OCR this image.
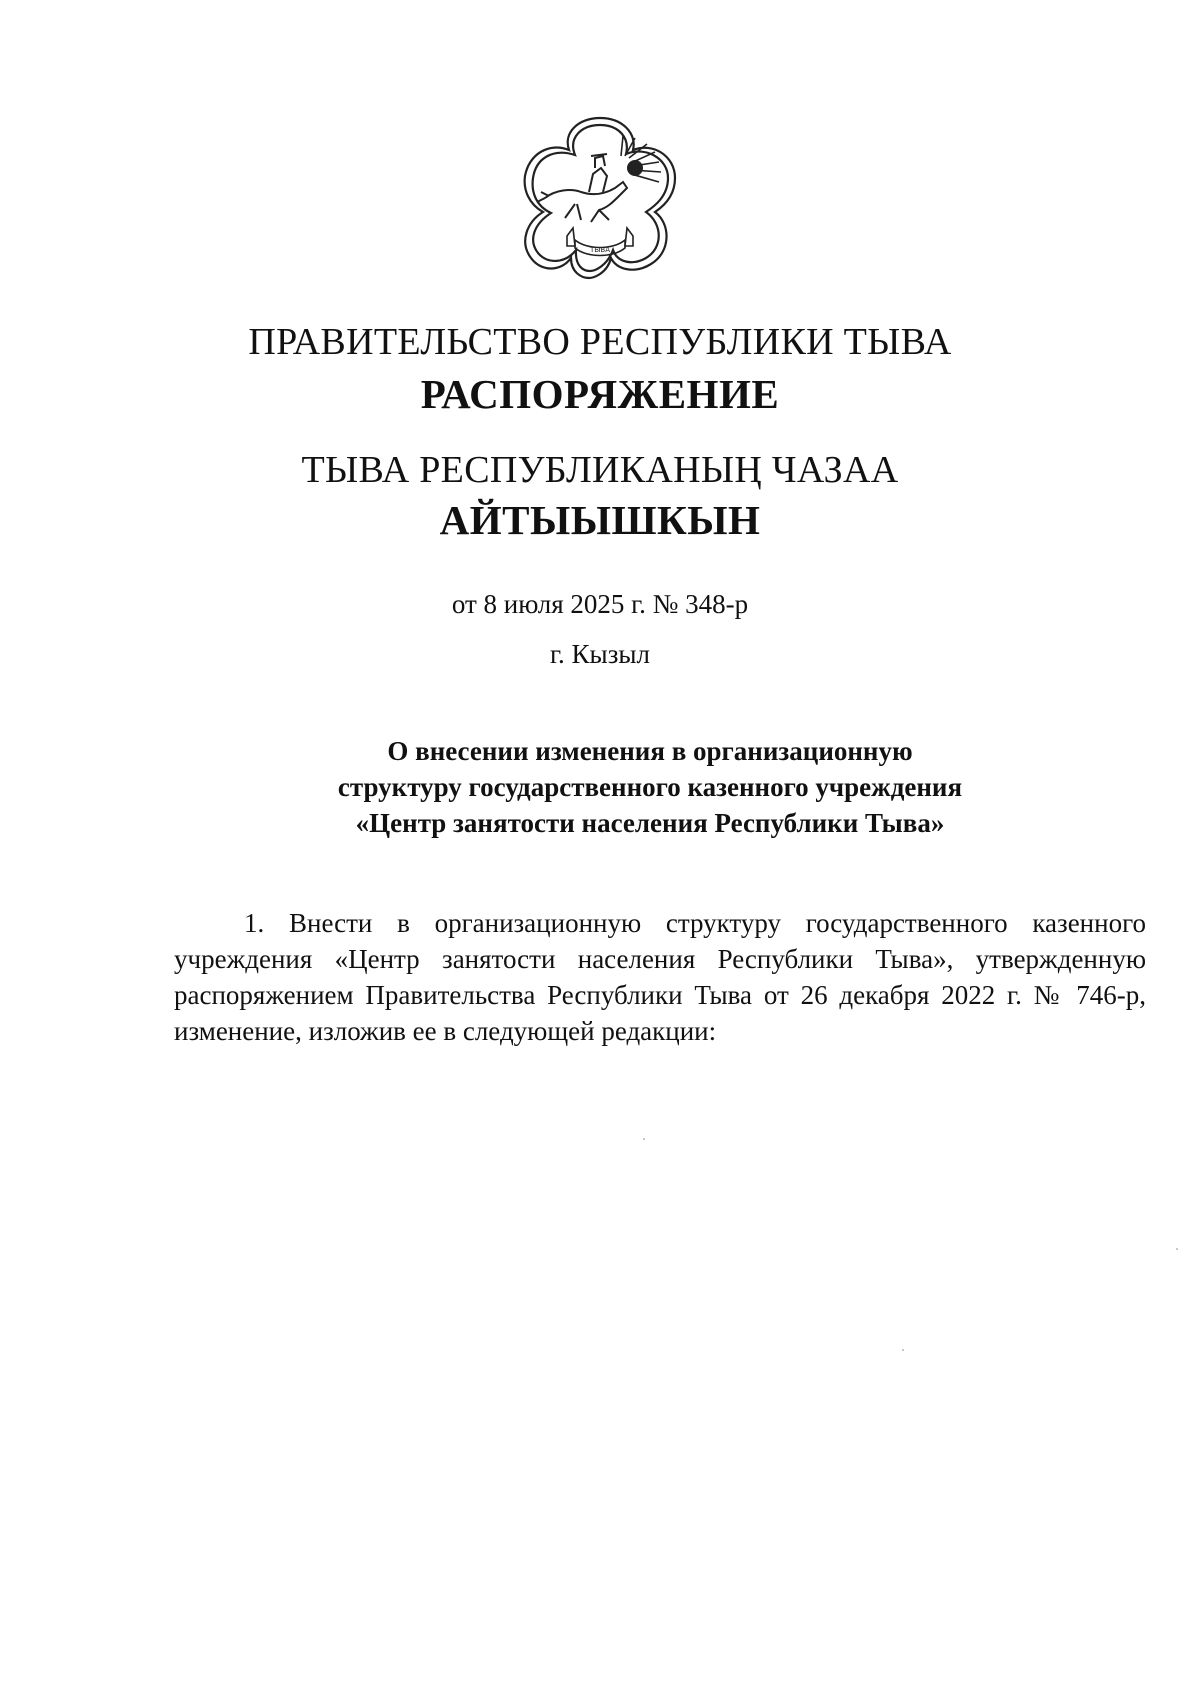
ТЫВА
ПРАВИТЕЛЬСТВО РЕСПУБЛИКИ ТЫВА
РАСПОРЯЖЕНИЕ
ТЫВА РЕСПУБЛИКАНЫҢ ЧАЗАА
АЙТЫЫШКЫН
от 8 июля 2025 г. № 348-р
г. Кызыл
О внесении изменения в организационную
структуру государственного казенного учреждения
«Центр занятости населения Республики Тыва»
1. Внести в организационную структуру государственного казенного
учреждения «Центр занятости населения Республики Тыва», утвержденную
распоряжением Правительства Республики Тыва от 26 декабря 2022 г. № 746-р,
изменение, изложив ее в следующей редакции:
